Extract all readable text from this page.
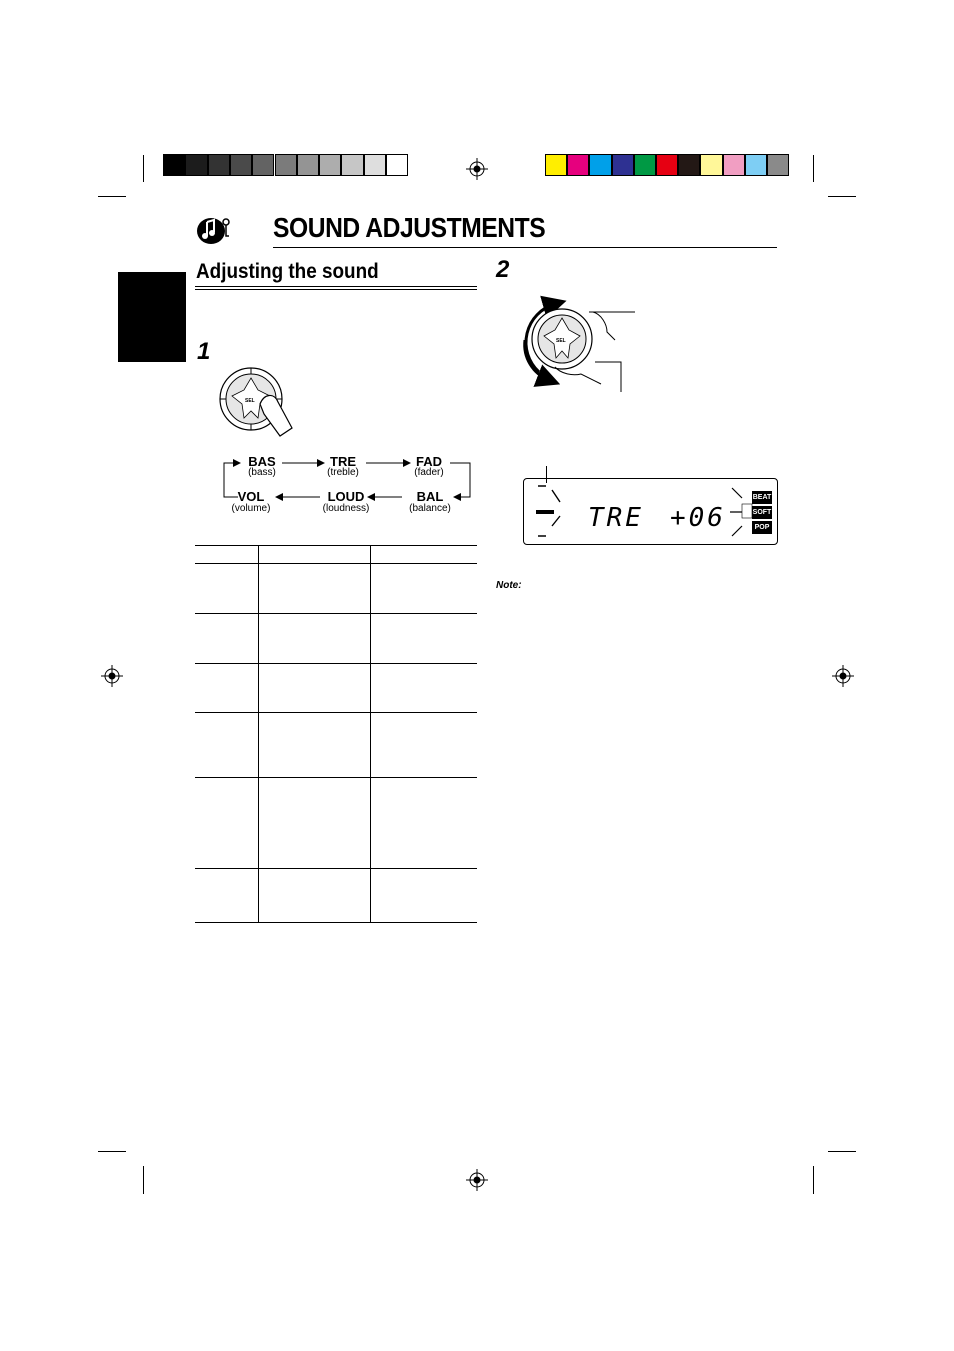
SOUND ADJUSTMENTS
Adjusting the sound
1
2
SEL
BAS
(bass)
TRE
(treble)
FAD
(fader)
VOL
(volume)
LOUD
(loudness)
BAL
(balance)
SEL
TRE +06
BEAT
SOFT
POP
Note:
